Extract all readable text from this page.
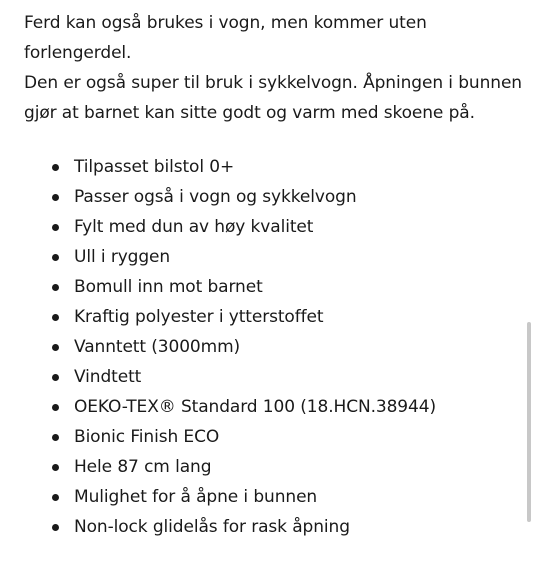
Ferd kan også brukes i vogn, men kommer uten forlengerdel.

Den er også super til bruk i sykkelvogn. Åpningen i bunnen gjør at barnet kan sitte godt og varm med skoene på.

Tilpasset bilstol 0+
Passer også i vogn og sykkelvogn
Fylt med dun av høy kvalitet
Ull i ryggen
Bomull inn mot barnet
Kraftig polyester i ytterstoffet
Vanntett (3000mm)
Vindtett
OEKO-TEX® Standard 100 (18.HCN.38944)
Bionic Finish ECO
Hele 87 cm lang
Mulighet for å åpne i bunnen
Non-lock glidelås for rask åpning
